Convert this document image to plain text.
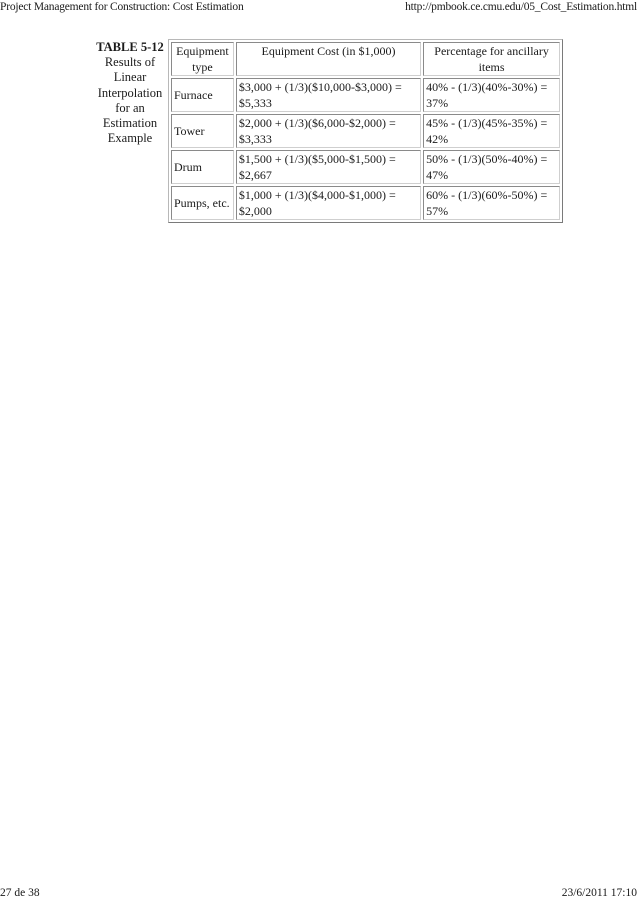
Project Management for Construction: Cost Estimation	http://pmbook.ce.cmu.edu/05_Cost_Estimation.html
TABLE 5-12
Results of Linear Interpolation for an Estimation Example
Equipment type	Equipment Cost (in $1,000)	Percentage for ancillary items
Furnace	$3,000 + (1/3)($10,000-$3,000) = $5,333	40% - (1/3)(40%-30%) = 37%
Tower	$2,000 + (1/3)($6,000-$2,000) = $3,333	45% - (1/3)(45%-35%) = 42%
Drum	$1,500 + (1/3)($5,000-$1,500) = $2,667	50% - (1/3)(50%-40%) = 47%
Pumps, etc.	$1,000 + (1/3)($4,000-$1,000) = $2,000	60% - (1/3)(60%-50%) = 57%
27 de 38	23/6/2011 17:10
